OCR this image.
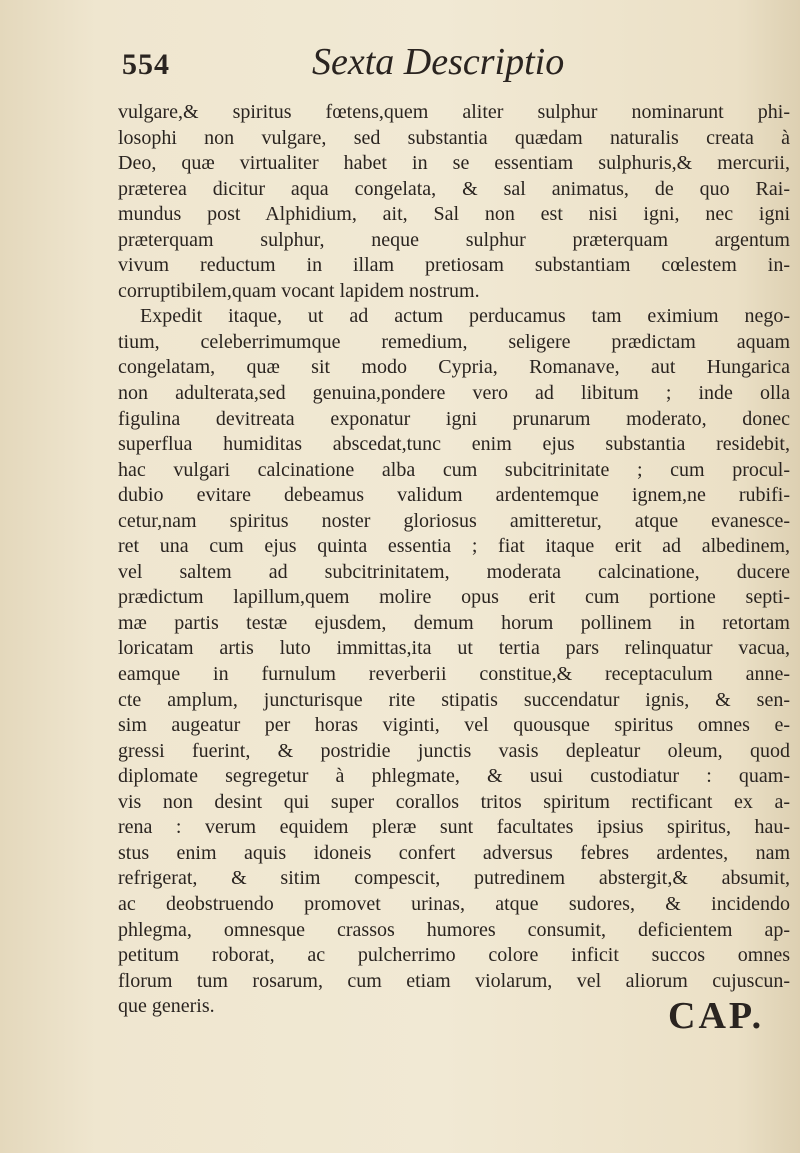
554	Sexta Descriptio
vulgare,& spiritus fœtens,quem aliter sulphur nominarunt phi-
losophi non vulgare, sed substantia quædam naturalis creata à
Deo, quæ virtualiter habet in se essentiam sulphuris,& mercurii,
præterea dicitur aqua congelata, & sal animatus, de quo Rai-
mundus post Alphidium, ait, Sal non est nisi igni, nec igni
præterquam sulphur, neque sulphur præterquam argentum
vivum reductum in illam pretiosam substantiam cœlestem in-
corruptibilem,quam vocant lapidem nostrum.
Expedit itaque, ut ad actum perducamus tam eximium nego-
tium, celeberrimumque remedium, seligere prædictam aquam
congelatam, quæ sit modo Cypria, Romanave, aut Hungarica
non adulterata,sed genuina,pondere vero ad libitum ; inde olla
figulina devitreata exponatur igni prunarum moderato, donec
superflua humiditas abscedat,tunc enim ejus substantia residebit,
hac vulgari calcinatione alba cum subcitrinitate ; cum procul-
dubio evitare debeamus validum ardentemque ignem,ne rubifi-
cetur,nam spiritus noster gloriosus amitteretur, atque evanesce-
ret una cum ejus quinta essentia ; fiat itaque erit ad albedinem,
vel saltem ad subcitrinitatem, moderata calcinatione, ducere
prædictum lapillum,quem molire opus erit cum portione septi-
mæ partis testæ ejusdem, demum horum pollinem in retortam
loricatam artis luto immittas,ita ut tertia pars relinquatur vacua,
eamque in furnulum reverberii constitue,& receptaculum anne-
cte amplum, juncturisque rite stipatis succendatur ignis, & sen-
sim augeatur per horas viginti, vel quousque spiritus omnes e-
gressi fuerint, & postridie junctis vasis depleatur oleum, quod
diplomate segregetur à phlegmate, & usui custodiatur : quam-
vis non desint qui super corallos tritos spiritum rectificant ex a-
rena : verum equidem pleræ sunt facultates ipsius spiritus, hau-
stus enim aquis idoneis confert adversus febres ardentes, nam
refrigerat, & sitim compescit, putredinem abstergit,& absumit,
ac deobstruendo promovet urinas, atque sudores, & incidendo
phlegma, omnesque crassos humores consumit, deficientem ap-
petitum roborat, ac pulcherrimo colore inficit succos omnes
florum tum rosarum, cum etiam violarum, vel aliorum cujuscun-
que generis.	CAP.
